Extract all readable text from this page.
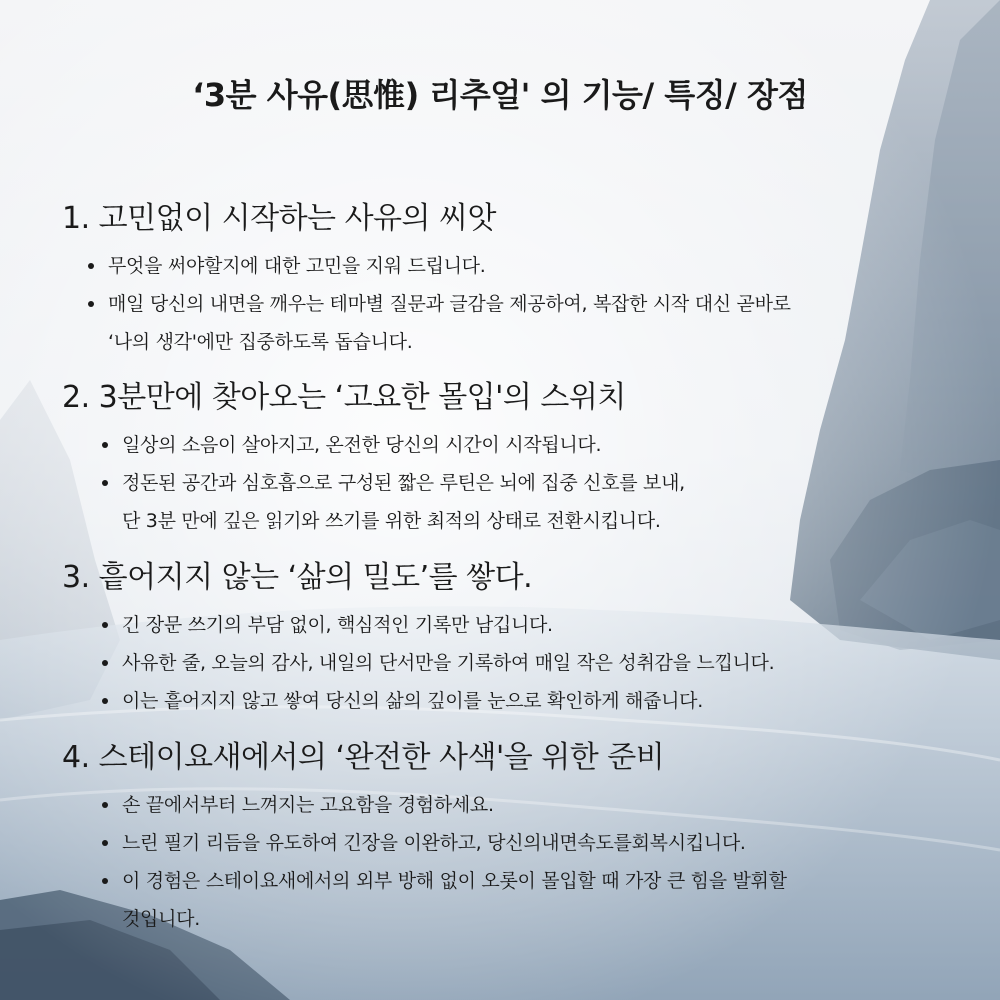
‘3분 사유(思惟) 리추얼' 의 기능/ 특징/ 장점
1. 고민없이 시작하는 사유의 씨앗
무엇을 써야할지에 대한 고민을 지워 드립니다.
매일 당신의 내면을 깨우는 테마별 질문과 글감을 제공하여, 복잡한 시작 대신 곧바로
‘나의 생각'에만 집중하도록 돕습니다.
2. 3분만에 찾아오는 ‘고요한 몰입'의 스위치
일상의 소음이 살아지고, 온전한 당신의 시간이 시작됩니다.
정돈된 공간과 심호흡으로 구성된 짧은 루틴은 뇌에 집중 신호를 보내,
단 3분 만에 깊은 읽기와 쓰기를 위한 최적의 상태로 전환시킵니다.
3. 흩어지지 않는 ‘삶의 밀도’를 쌓다.
긴 장문 쓰기의 부담 없이, 핵심적인 기록만 남깁니다.
사유한 줄, 오늘의 감사, 내일의 단서만을 기록하여 매일 작은 성취감을 느낍니다.
이는 흩어지지 않고 쌓여 당신의 삶의 깊이를 눈으로 확인하게 해줍니다.
4. 스테이요새에서의 ‘완전한 사색'을 위한 준비
손 끝에서부터 느껴지는 고요함을 경험하세요.
느린 필기 리듬을 유도하여 긴장을 이완하고, 당신의내면속도를회복시킵니다.
이 경험은 스테이요새에서의 외부 방해 없이 오롯이 몰입할 때 가장 큰 힘을 발휘할
것입니다.
